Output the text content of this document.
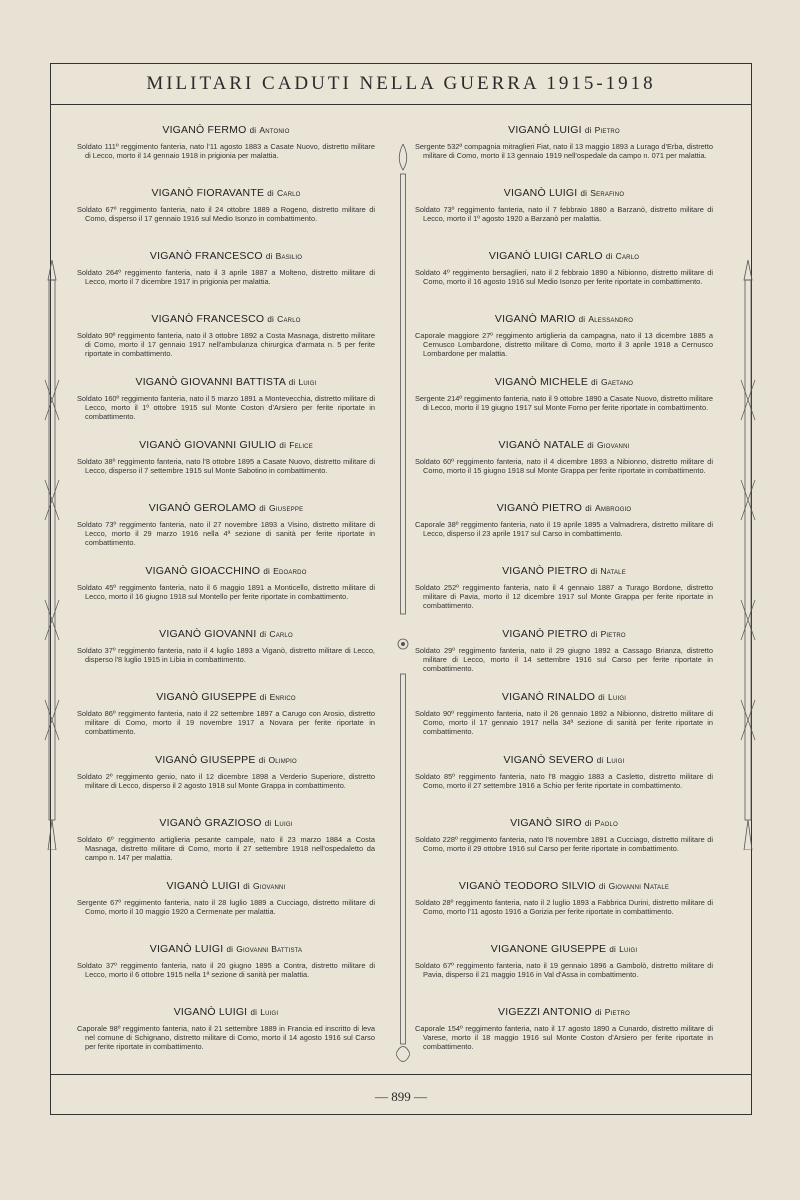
MILITARI CADUTI NELLA GUERRA 1915-1918

VIGANÒ FERMO di Antonio

Soldato 111º reggimento fanteria, nato l'11 agosto 1883 a Casate Nuovo, distretto militare di Lecco, morto il 14 gennaio 1918 in prigionia per malattia.

VIGANÒ FIORAVANTE di Carlo

Soldato 67º reggimento fanteria, nato il 24 ottobre 1889 a Rogeno, distretto militare di Como, disperso il 17 gennaio 1916 sul Medio Isonzo in combattimento.

VIGANÒ FRANCESCO di Basilio

Soldato 264º reggimento fanteria, nato il 3 aprile 1887 a Molteno, distretto militare di Lecco, morto il 7 dicembre 1917 in prigionia per malattia.

VIGANÒ FRANCESCO di Carlo

Soldato 90º reggimento fanteria, nato il 3 ottobre 1892 a Costa Masnaga, distretto militare di Como, morto il 17 gennaio 1917 nell'ambulanza chirurgica d'armata n. 5 per ferite riportate in combattimento.

VIGANÒ GIOVANNI BATTISTA di Luigi

Soldato 160º reggimento fanteria, nato il 5 marzo 1891 a Montevecchia, distretto militare di Lecco, morto il 1º ottobre 1915 sul Monte Coston d'Arsiero per ferite riportate in combattimento.

VIGANÒ GIOVANNI GIULIO di Felice

Soldato 38º reggimento fanteria, nato l'8 ottobre 1895 a Casate Nuovo, distretto militare di Lecco, disperso il 7 settembre 1915 sul Monte Sabotino in combattimento.

VIGANÒ GEROLAMO di Giuseppe

Soldato 73º reggimento fanteria, nato il 27 novembre 1893 a Visino, distretto militare di Lecco, morto il 29 marzo 1916 nella 4ª sezione di sanità per ferite riportate in combattimento.

VIGANÒ GIOACCHINO di Edoardo

Soldato 45º reggimento fanteria, nato il 6 maggio 1891 a Monticello, distretto militare di Lecco, morto il 16 giugno 1918 sul Montello per ferite riportate in combattimento.

VIGANÒ GIOVANNI di Carlo

Soldato 37º reggimento fanteria, nato il 4 luglio 1893 a Viganò, distretto militare di Lecco, disperso l'8 luglio 1915 in Libia in combattimento.

VIGANÒ GIUSEPPE di Enrico

Soldato 86º reggimento fanteria, nato il 22 settembre 1897 a Carugo con Arosio, distretto militare di Como, morto il 19 novembre 1917 a Novara per ferite riportate in combattimento.

VIGANÒ GIUSEPPE di Olimpio

Soldato 2º reggimento genio, nato il 12 dicembre 1898 a Verderio Superiore, distretto militare di Lecco, disperso il 2 agosto 1918 sul Monte Grappa in combattimento.

VIGANÒ GRAZIOSO di Luigi

Soldato 6º reggimento artiglieria pesante campale, nato il 23 marzo 1884 a Costa Masnaga, distretto militare di Como, morto il 27 settembre 1918 nell'ospedaletto da campo n. 147 per malattia.

VIGANÒ LUIGI di Giovanni

Sergente 67º reggimento fanteria, nato il 28 luglio 1889 a Cucciago, distretto militare di Como, morto il 10 maggio 1920 a Cermenate per malattia.

VIGANÒ LUIGI di Giovanni Battista

Soldato 37º reggimento fanteria, nato il 20 giugno 1895 a Contra, distretto militare di Lecco, morto il 6 ottobre 1915 nella 1ª sezione di sanità per malattia.

VIGANÒ LUIGI di Luigi

Caporale 98º reggimento fanteria, nato il 21 settembre 1889 in Francia ed inscritto di leva nel comune di Schignano, distretto militare di Como, morto il 14 agosto 1916 sul Carso per ferite riportate in combattimento.

VIGANÒ LUIGI di Pietro

Sergente 532ª compagnia mitraglieri Fiat, nato il 13 maggio 1893 a Lurago d'Erba, distretto militare di Como, morto il 13 gennaio 1919 nell'ospedale da campo n. 071 per malattia.

VIGANÒ LUIGI di Serafino

Soldato 73º reggimento fanteria, nato il 7 febbraio 1880 a Barzanò, distretto militare di Lecco, morto il 1º agosto 1920 a Barzanò per malattia.

VIGANÒ LUIGI CARLO di Carlo

Soldato 4º reggimento bersaglieri, nato il 2 febbraio 1890 a Nibionno, distretto militare di Como, morto il 16 agosto 1916 sul Medio Isonzo per ferite riportate in combattimento.

VIGANÒ MARIO di Alessandro

Caporale maggiore 27º reggimento artiglieria da campagna, nato il 13 dicembre 1885 a Cernusco Lombardone, distretto militare di Como, morto il 3 aprile 1918 a Cernusco Lombardone per malattia.

VIGANÒ MICHELE di Gaetano

Sergente 214º reggimento fanteria, nato il 9 ottobre 1890 a Casate Nuovo, distretto militare di Lecco, morto il 19 giugno 1917 sul Monte Forno per ferite riportate in combattimento.

VIGANÒ NATALE di Giovanni

Soldato 60º reggimento fanteria, nato il 4 dicembre 1893 a Nibionno, distretto militare di Como, morto il 15 giugno 1918 sul Monte Grappa per ferite riportate in combattimento.

VIGANÒ PIETRO di Ambrogio

Caporale 38º reggimento fanteria, nato il 19 aprile 1895 a Valmadrera, distretto militare di Lecco, disperso il 23 aprile 1917 sul Carso in combattimento.

VIGANÒ PIETRO di Natale

Soldato 252º reggimento fanteria, nato il 4 gennaio 1887 a Turago Bordone, distretto militare di Pavia, morto il 12 dicembre 1917 sul Monte Grappa per ferite riportate in combattimento.

VIGANÒ PIETRO di Pietro

Soldato 29º reggimento fanteria, nato il 29 giugno 1892 a Cassago Brianza, distretto militare di Lecco, morto il 14 settembre 1916 sul Carso per ferite riportate in combattimento.

VIGANÒ RINALDO di Luigi

Soldato 90º reggimento fanteria, nato il 26 gennaio 1892 a Nibionno, distretto militare di Como, morto il 17 gennaio 1917 nella 34ª sezione di sanità per ferite riportate in combattimento.

VIGANÒ SEVERO di Luigi

Soldato 85º reggimento fanteria, nato l'8 maggio 1883 a Casletto, distretto militare di Como, morto il 27 settembre 1916 a Schio per ferite riportate in combattimento.

VIGANÒ SIRO di Paolo

Soldato 228º reggimento fanteria, nato l'8 novembre 1891 a Cucciago, distretto militare di Como, morto il 29 ottobre 1916 sul Carso per ferite riportate in combattimento.

VIGANÒ TEODORO SILVIO di Giovanni Natale

Soldato 28º reggimento fanteria, nato il 2 luglio 1893 a Fabbrica Durini, distretto militare di Como, morto l'11 agosto 1916 a Gorizia per ferite riportate in combattimento.

VIGANONE GIUSEPPE di Luigi

Soldato 67º reggimento fanteria, nato il 19 gennaio 1896 a Gambolò, distretto militare di Pavia, disperso il 21 maggio 1916 in Val d'Assa in combattimento.

VIGEZZI ANTONIO di Pietro

Caporale 154º reggimento fanteria, nato il 17 agosto 1890 a Cunardo, distretto militare di Varese, morto il 18 maggio 1916 sul Monte Coston d'Arsiero per ferite riportate in combattimento.

— 899 —
